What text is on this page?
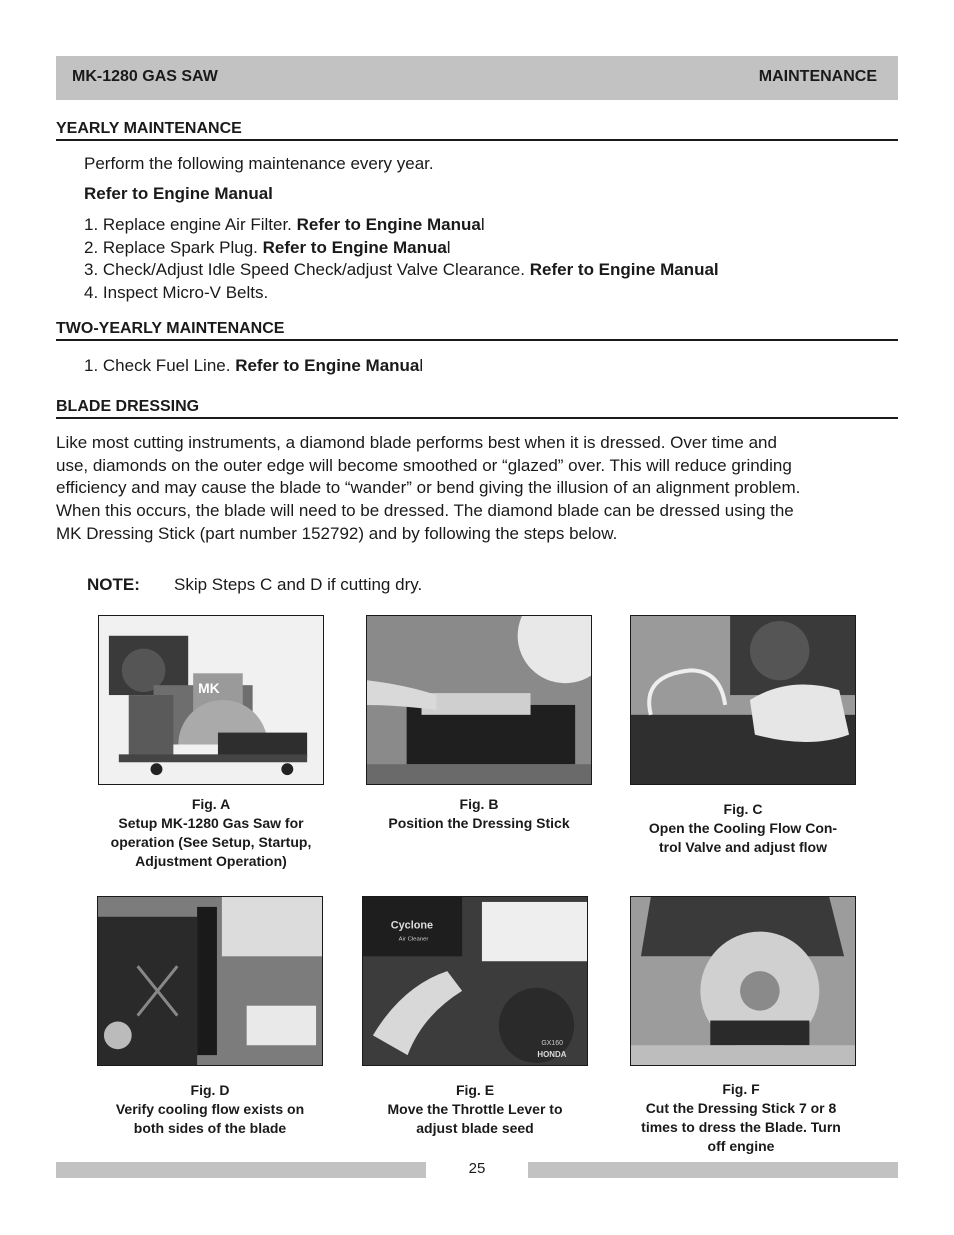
MK-1280 GAS SAW	MAINTENANCE
YEARLY MAINTENANCE
Perform the following maintenance every year.
Refer to Engine Manual
1. Replace engine Air Filter. Refer to Engine Manual
2. Replace Spark Plug. Refer to Engine Manual
3. Check/Adjust Idle Speed Check/adjust Valve Clearance. Refer to Engine Manual
4. Inspect Micro-V Belts.
TWO-YEARLY MAINTENANCE
1. Check Fuel Line. Refer to Engine Manual
BLADE DRESSING
Like most cutting instruments, a diamond blade performs best when it is dressed. Over time and
use, diamonds on the outer edge will become smoothed or “glazed” over. This will reduce grinding
efficiency and may cause the blade to “wander” or bend giving the illusion of an alignment problem.
When this occurs, the blade will need to be dressed. The diamond blade can be dressed using the
MK Dressing Stick (part number 152792) and by following the steps below.
NOTE: Skip Steps C and D if cutting dry.
MK
Fig. A
Setup MK-1280 Gas Saw for
operation (See Setup, Startup,
Adjustment Operation)
Fig. B
Position the Dressing Stick
Fig. C
Open the Cooling Flow Con-
trol Valve and adjust flow
Fig. D
Verify cooling flow exists on
both sides of the blade
Cyclone
Air Cleaner
GX160
HONDA
Fig. E
Move the Throttle Lever to
adjust blade seed
Fig. F
Cut the Dressing Stick 7 or 8
times to dress the Blade. Turn
off engine
25
